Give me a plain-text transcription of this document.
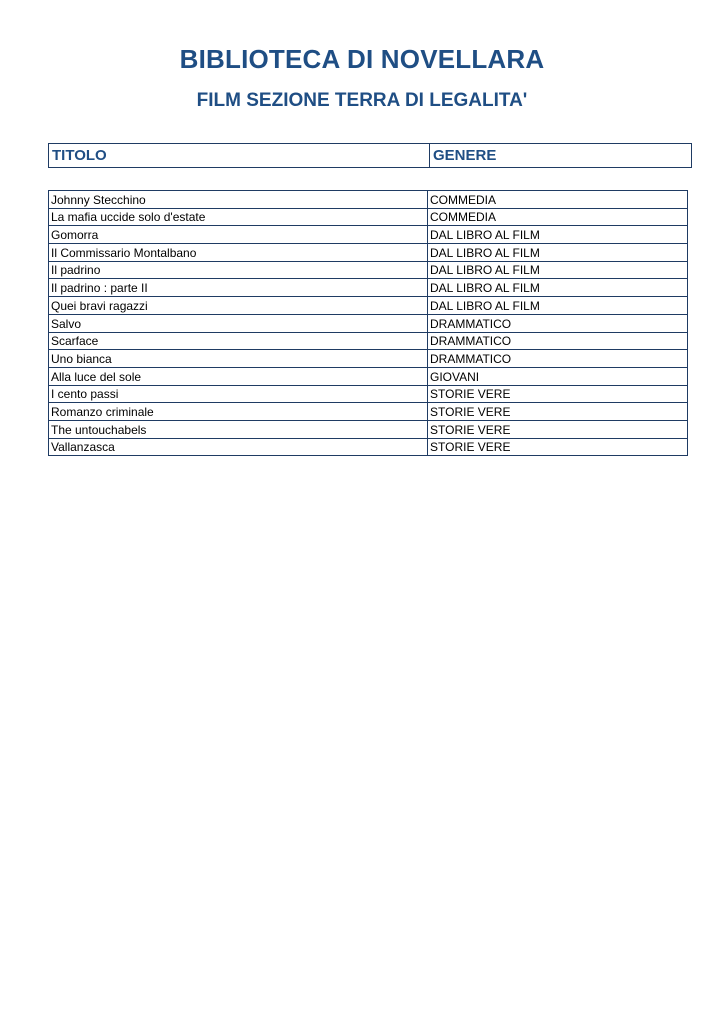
BIBLIOTECA DI NOVELLARA
FILM SEZIONE TERRA DI LEGALITA'
TITOLO	GENERE
Johnny Stecchino	COMMEDIA
La mafia uccide solo d'estate	COMMEDIA
Gomorra	DAL LIBRO AL FILM
Il Commissario Montalbano	DAL LIBRO AL FILM
Il padrino	DAL LIBRO AL FILM
Il padrino : parte II	DAL LIBRO AL FILM
Quei bravi ragazzi	DAL LIBRO AL FILM
Salvo	DRAMMATICO
Scarface	DRAMMATICO
Uno bianca	DRAMMATICO
Alla luce del sole	GIOVANI
I cento passi	STORIE VERE
Romanzo criminale	STORIE VERE
The untouchabels	STORIE VERE
Vallanzasca	STORIE VERE
